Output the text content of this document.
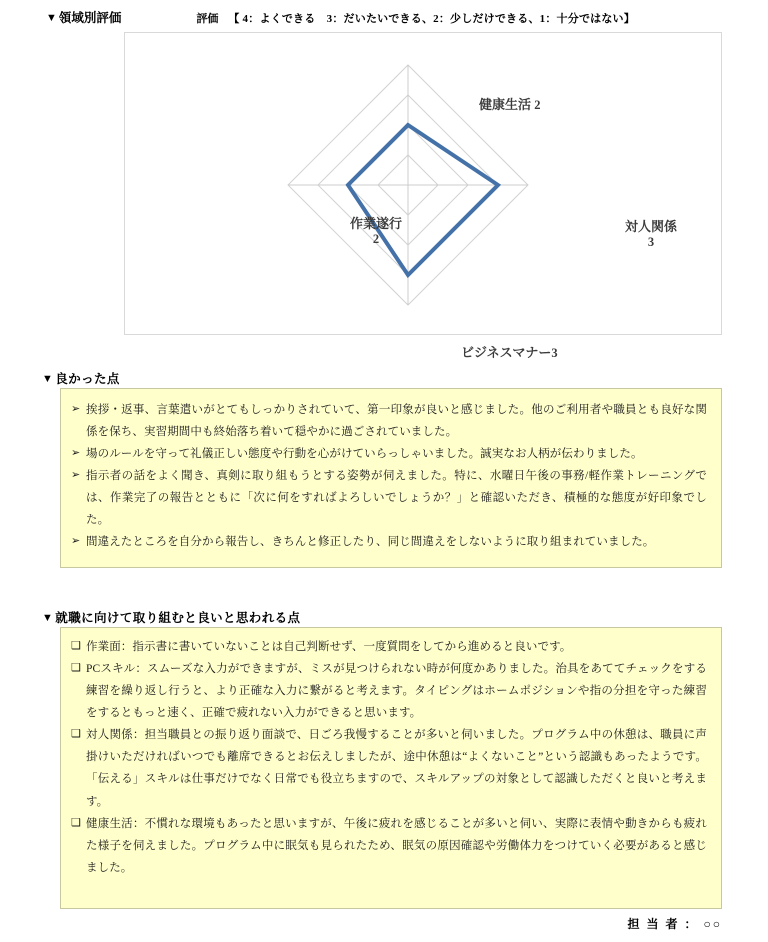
▼ 領域別評価	評価 【 4：よくできる　3：だいたいできる、2：少しだけできる、1：十分ではない】
健康生活 2
対人関係
3
ビジネスマナー3
作業遂行
2
▼ 良かった点
➢ 挨拶・返事、言葉遣いがとてもしっかりされていて、第一印象が良いと感じました。他のご利用者や職員とも良好な関係を保ち、実習期間中も終始落ち着いて穏やかに過ごされていました。
➢ 場のルールを守って礼儀正しい態度や行動を心がけていらっしゃいました。誠実なお人柄が伝わりました。
➢ 指示者の話をよく聞き、真剣に取り組もうとする姿勢が伺えました。特に、水曜日午後の事務/軽作業トレーニングでは、作業完了の報告とともに「次に何をすればよろしいでしょうか？」と確認いただき、積極的な態度が好印象でした。
➢ 間違えたところを自分から報告し、きちんと修正したり、同じ間違えをしないように取り組まれていました。
▼ 就職に向けて取り組むと良いと思われる点
❑ 作業面：指示書に書いていないことは自己判断せず、一度質問をしてから進めると良いです。
❑ PCスキル：スムーズな入力ができますが、ミスが見つけられない時が何度かありました。治具をあててチェックをする練習を繰り返し行うと、より正確な入力に繋がると考えます。タイピングはホームポジションや指の分担を守った練習をするともっと速く、正確で疲れない入力ができると思います。
❑ 対人関係：担当職員との振り返り面談で、日ごろ我慢することが多いと伺いました。プログラム中の休憩は、職員に声掛けいただければいつでも離席できるとお伝えしましたが、途中休憩は“よくないこと”という認識もあったようです。「伝える」スキルは仕事だけでなく日常でも役立ちますので、スキルアップの対象として認識しただくと良いと考えます。
❑ 健康生活：不慣れな環境もあったと思いますが、午後に疲れを感じることが多いと伺い、実際に表情や動きからも疲れた様子を伺えました。プログラム中に眠気も見られたため、眠気の原因確認や労働体力をつけていく必要があると感じました。
担 当 者 ： ○○
